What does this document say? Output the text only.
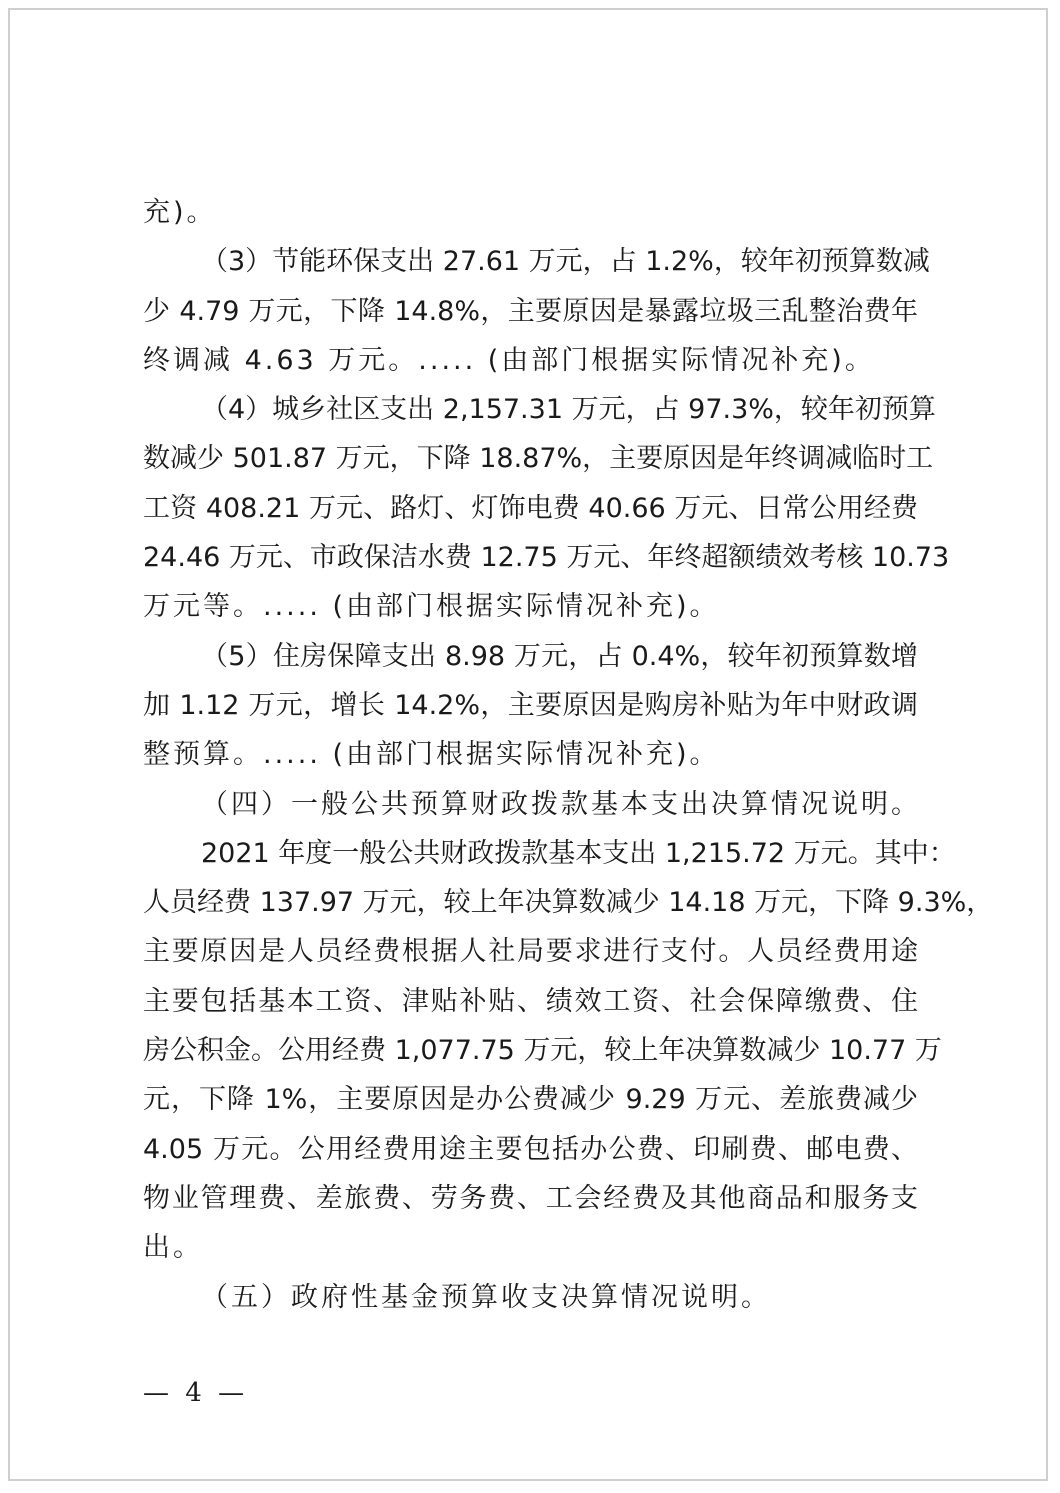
充)。
（3）节能环保支出 27.61 万元，占 1.2%，较年初预算数减
少 4.79 万元，下降 14.8%，主要原因是暴露垃圾三乱整治费年
终调减 4.63 万元。..... (由部门根据实际情况补充)。
（4）城乡社区支出 2,157.31 万元，占 97.3%，较年初预算
数减少 501.87 万元，下降 18.87%，主要原因是年终调减临时工
工资 408.21 万元、路灯、灯饰电费 40.66 万元、日常公用经费
24.46 万元、市政保洁水费 12.75 万元、年终超额绩效考核 10.73
万元等。..... (由部门根据实际情况补充)。
（5）住房保障支出 8.98 万元，占 0.4%，较年初预算数增
加 1.12 万元，增长 14.2%，主要原因是购房补贴为年中财政调
整预算。..... (由部门根据实际情况补充)。
（四）一般公共预算财政拨款基本支出决算情况说明。
2021 年度一般公共财政拨款基本支出 1,215.72 万元。其中：
人员经费 137.97 万元，较上年决算数减少 14.18 万元，下降 9.3%，
主要原因是人员经费根据人社局要求进行支付。人员经费用途
主要包括基本工资、津贴补贴、绩效工资、社会保障缴费、住
房公积金。公用经费 1,077.75 万元，较上年决算数减少 10.77 万
元，下降 1%，主要原因是办公费减少 9.29 万元、差旅费减少
4.05 万元。公用经费用途主要包括办公费、印刷费、邮电费、
物业管理费、差旅费、劳务费、工会经费及其他商品和服务支
出。
（五）政府性基金预算收支决算情况说明。
— 4 —
